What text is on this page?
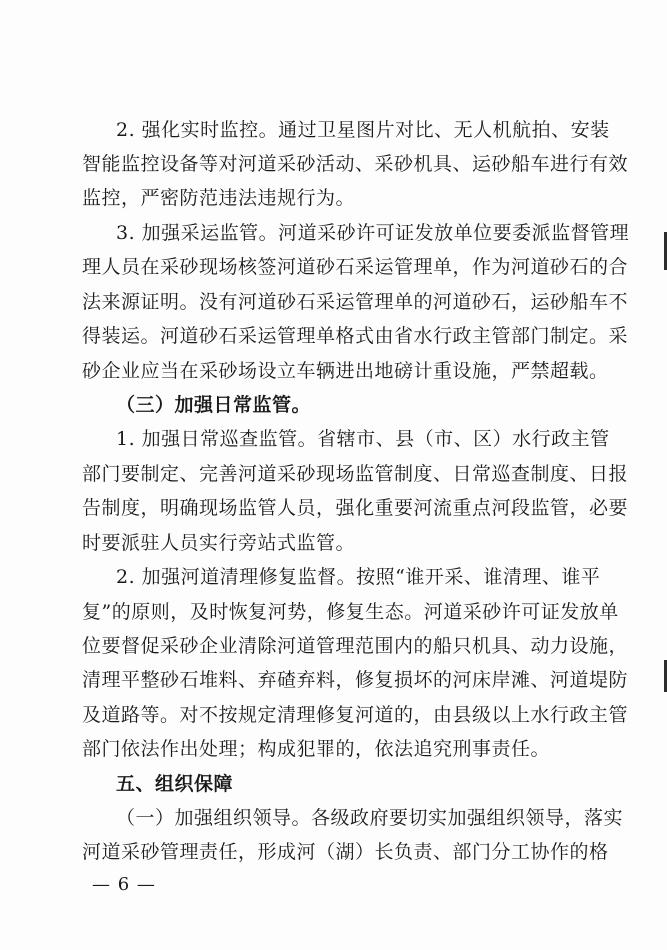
2. 强化实时监控。通过卫星图片对比、无人机航拍、安装
智能监控设备等对河道采砂活动、采砂机具、运砂船车进行有效
监控，严密防范违法违规行为。
3. 加强采运监管。河道采砂许可证发放单位要委派监督管理
理人员在采砂现场核签河道砂石采运管理单，作为河道砂石的合
法来源证明。没有河道砂石采运管理单的河道砂石，运砂船车不
得装运。河道砂石采运管理单格式由省水行政主管部门制定。采
砂企业应当在采砂场设立车辆进出地磅计重设施，严禁超载。
（三）加强日常监管。
1. 加强日常巡查监管。省辖市、县（市、区）水行政主管
部门要制定、完善河道采砂现场监管制度、日常巡查制度、日报
告制度，明确现场监管人员，强化重要河流重点河段监管，必要
时要派驻人员实行旁站式监管。
2. 加强河道清理修复监督。按照“谁开采、谁清理、谁平
复”的原则，及时恢复河势，修复生态。河道采砂许可证发放单
位要督促采砂企业清除河道管理范围内的船只机具、动力设施，
清理平整砂石堆料、弃碴弃料，修复损坏的河床岸滩、河道堤防
及道路等。对不按规定清理修复河道的，由县级以上水行政主管
部门依法作出处理；构成犯罪的，依法追究刑事责任。
五、组织保障
（一）加强组织领导。各级政府要切实加强组织领导，落实
河道采砂管理责任，形成河（湖）长负责、部门分工协作的格
— 6 —
